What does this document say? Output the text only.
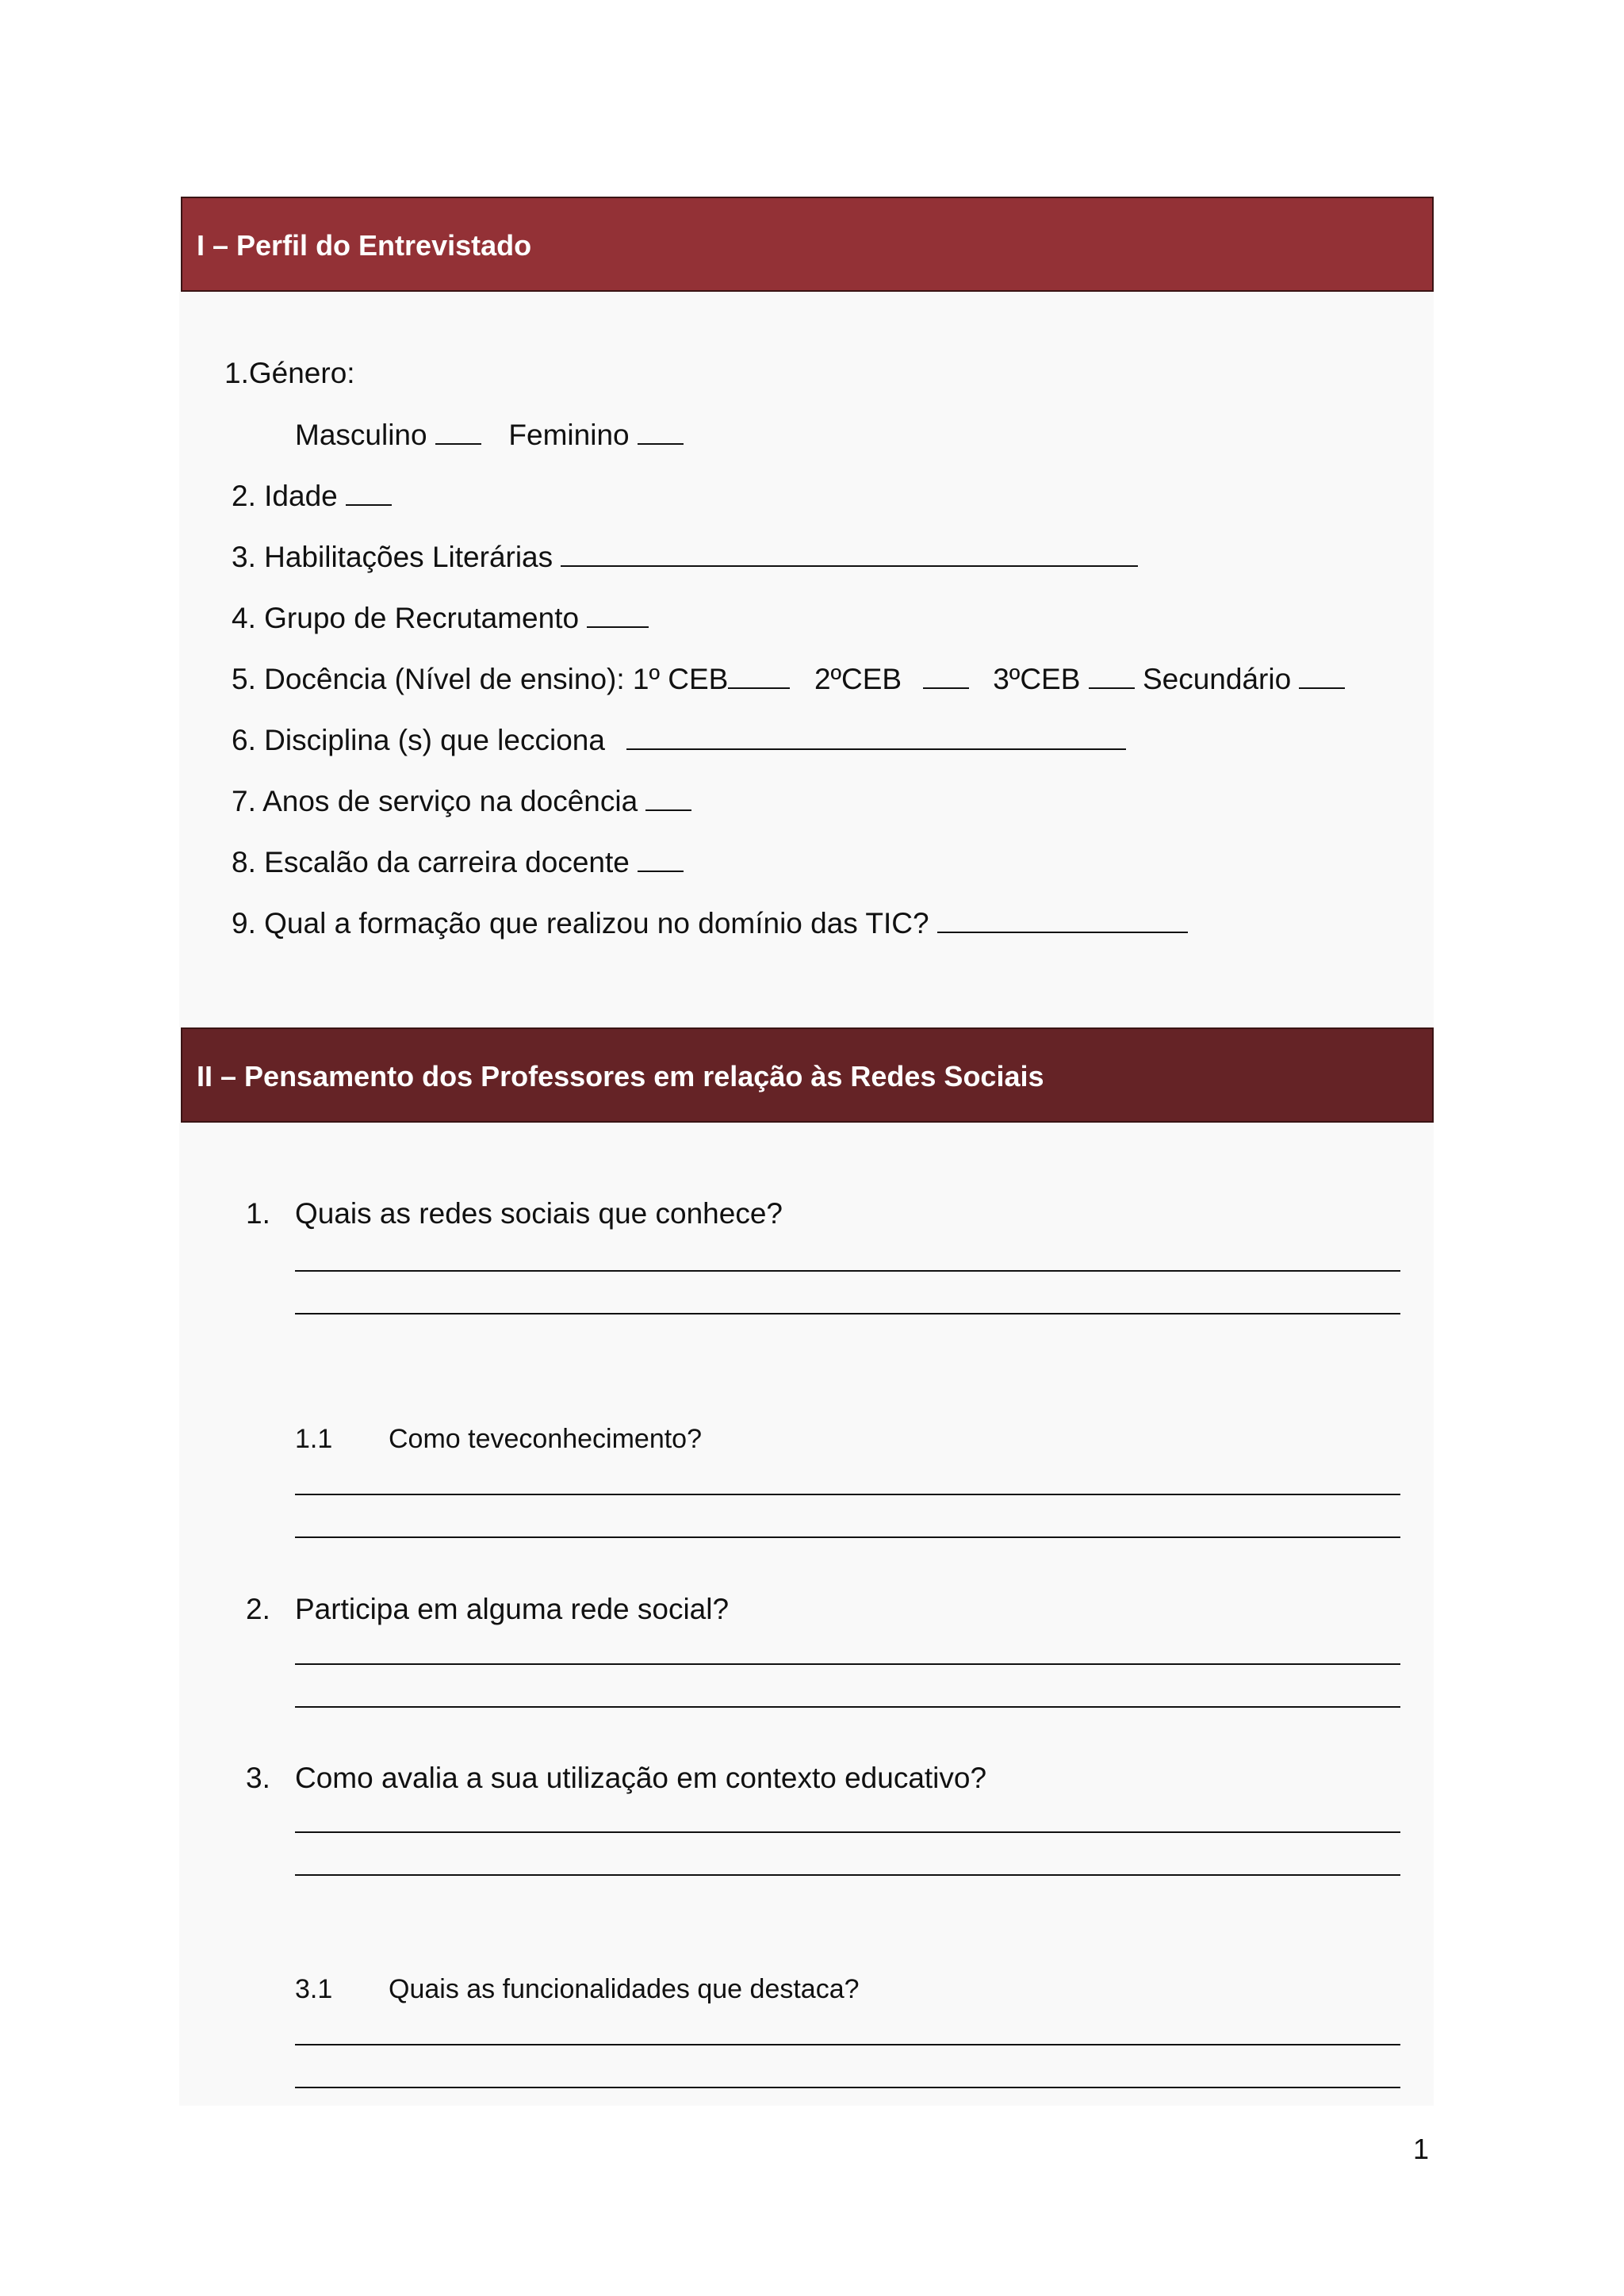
I – Perfil do Entrevistado
1.Género:
Masculino	Feminino
2. Idade
3. Habilitações Literárias
4. Grupo de Recrutamento
5. Docência (Nível de ensino): 1º CEB	2ºCEB	3ºCEB Secundário
6. Disciplina (s) que lecciona
7. Anos de serviço na docência
8. Escalão da carreira docente
9. Qual a formação que realizou no domínio das TIC?
II – Pensamento dos Professores em relação às Redes Sociais
1. Quais as redes sociais que conhece?
1.1 Como teveconhecimento?
2. Participa em alguma rede social?
3. Como avalia a sua utilização em contexto educativo?
3.1 Quais as funcionalidades que destaca?
1
